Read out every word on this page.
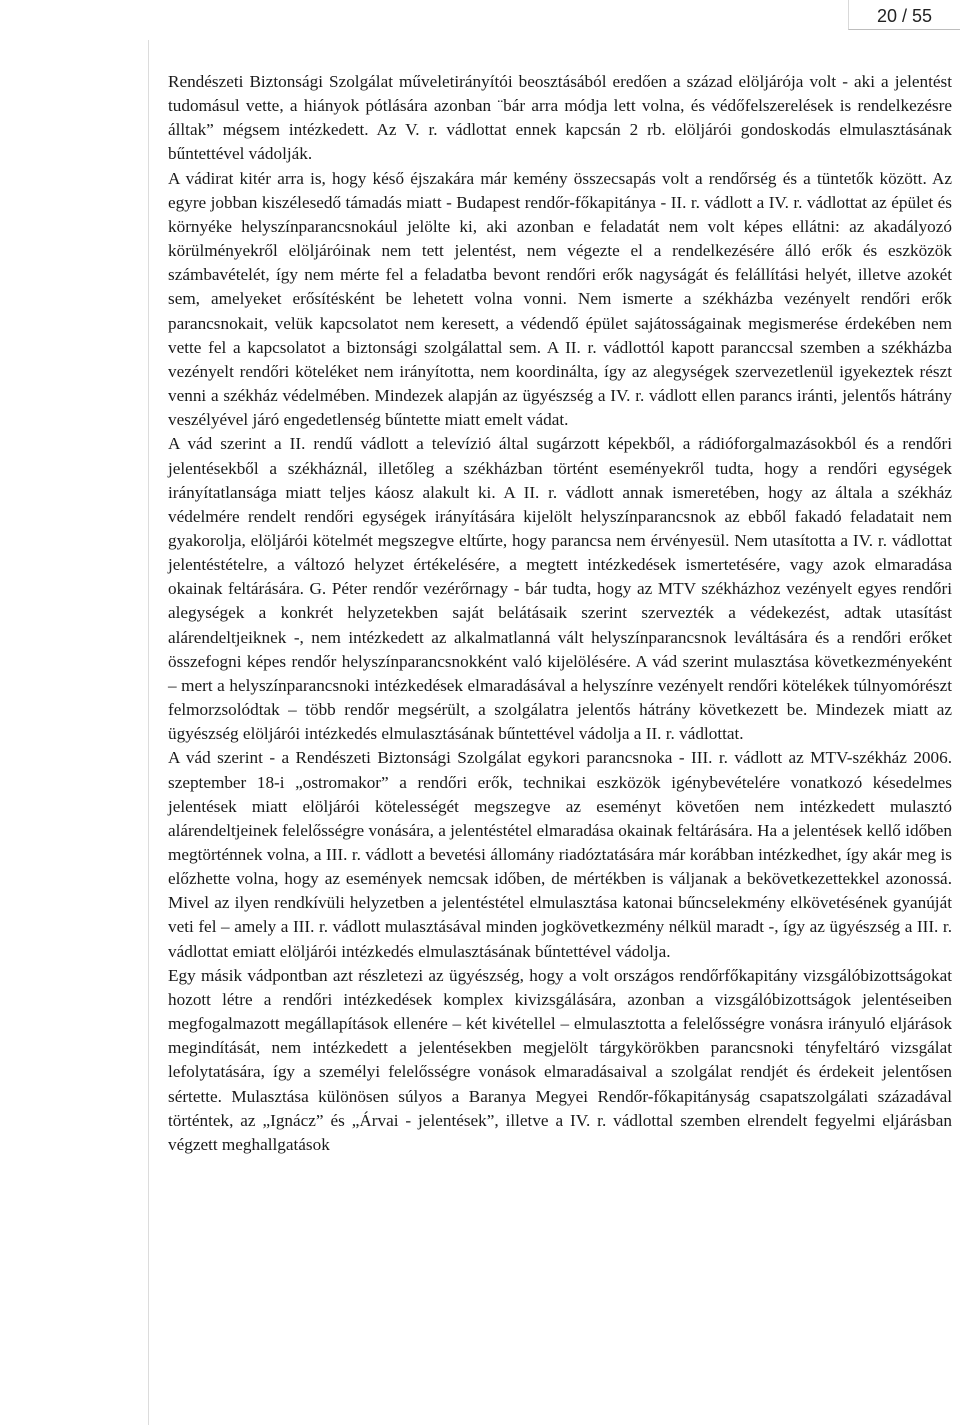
20 / 55

Rendészeti Biztonsági Szolgálat műveletirányítói beosztásából eredően a század elöljárója volt - aki a jelentést tudomásul vette, a hiányok pótlására azonban ¨bár arra módja lett volna, és védőfelszerelések is rendelkezésre álltak” mégsem intézkedett. Az V. r. vádlottat ennek kapcsán 2 rb. elöljárói gondoskodás elmulasztásának bűntettével vádolják.

A vádirat kitér arra is, hogy késő éjszakára már kemény összecsapás volt a rendőrség és a tüntetők között. Az egyre jobban kiszélesedő támadás miatt - Budapest rendőr-főkapitánya - II. r. vádlott a IV. r. vádlottat az épület és környéke helyszínparancsnokául jelölte ki, aki azonban e feladatát nem volt képes ellátni: az akadályozó körülményekről elöljáróinak nem tett jelentést, nem végezte el a rendelkezésére álló erők és eszközök számbavételét, így nem mérte fel a feladatba bevont rendőri erők nagyságát és felállítási helyét, illetve azokét sem, amelyeket erősítésként be lehetett volna vonni. Nem ismerte a székházba vezényelt rendőri erők parancsnokait, velük kapcsolatot nem keresett, a védendő épület sajátosságainak megismerése érdekében nem vette fel a kapcsolatot a biztonsági szolgálattal sem. A II. r. vádlottól kapott paranccsal szemben a székházba vezényelt rendőri köteléket nem irányította, nem koordinálta, így az alegységek szervezetlenül igyekeztek részt venni a székház védelmében. Mindezek alapján az ügyészség a IV. r. vádlott ellen parancs iránti, jelentős hátrány veszélyével járó engedetlenség bűntette miatt emelt vádat.

A vád szerint a II. rendű vádlott a televízió által sugárzott képekből, a rádióforgalmazásokból és a rendőri jelentésekből a székháznál, illetőleg a székházban történt eseményekről tudta, hogy a rendőri egységek irányítatlansága miatt teljes káosz alakult ki. A II. r. vádlott annak ismeretében, hogy az általa a székház védelmére rendelt rendőri egységek irányítására kijelölt helyszínparancsnok az ebből fakadó feladatait nem gyakorolja, elöljárói kötelmét megszegve eltűrte, hogy parancsa nem érvényesül. Nem utasította a IV. r. vádlottat jelentéstételre, a változó helyzet értékelésére, a megtett intézkedések ismertetésére, vagy azok elmaradása okainak feltárására. G. Péter rendőr vezérőrnagy - bár tudta, hogy az MTV székházhoz vezényelt egyes rendőri alegységek a konkrét helyzetekben saját belátásaik szerint szervezték a védekezést, adtak utasítást alárendeltjeiknek -, nem intézkedett az alkalmatlanná vált helyszínparancsnok leváltására és a rendőri erőket összefogni képes rendőr helyszínparancsnokként való kijelölésére. A vád szerint mulasztása következményeként – mert a helyszínparancsnoki intézkedések elmaradásával a helyszínre vezényelt rendőri kötelékek túlnyomórészt felmorzsolódtak – több rendőr megsérült, a szolgálatra jelentős hátrány következett be. Mindezek miatt az ügyészség elöljárói intézkedés elmulasztásának bűntettével vádolja a II. r. vádlottat.

A vád szerint - a Rendészeti Biztonsági Szolgálat egykori parancsnoka - III. r. vádlott az MTV-székház 2006. szeptember 18-i „ostromakor” a rendőri erők, technikai eszközök igénybevételére vonatkozó késedelmes jelentések miatt elöljárói kötelességét megszegve az eseményt követően nem intézkedett mulasztó alárendeltjeinek felelősségre vonására, a jelentéstétel elmaradása okainak feltárására. Ha a jelentések kellő időben megtörténnek volna, a III. r. vádlott a bevetési állomány riadóztatására már korábban intézkedhet, így akár meg is előzhette volna, hogy az események nemcsak időben, de mértékben is váljanak a bekövetkezettekkel azonossá. Mivel az ilyen rendkívüli helyzetben a jelentéstétel elmulasztása katonai bűncselekmény elkövetésének gyanúját veti fel – amely a III. r. vádlott mulasztásával minden jogkövetkezmény nélkül maradt -, így az ügyészség a III. r. vádlottat emiatt elöljárói intézkedés elmulasztásának bűntettével vádolja.

Egy másik vádpontban azt részletezi az ügyészség, hogy a volt országos rendőrfőkapitány vizsgálóbizottságokat hozott létre a rendőri intézkedések komplex kivizsgálására, azonban a vizsgálóbizottságok jelentéseiben megfogalmazott megállapítások ellenére – két kivétellel – elmulasztotta a felelősségre vonásra irányuló eljárások megindítását, nem intézkedett a jelentésekben megjelölt tárgykörökben parancsnoki tényfeltáró vizsgálat lefolytatására, így a személyi felelősségre vonások elmaradásaival a szolgálat rendjét és érdekeit jelentősen sértette. Mulasztása különösen súlyos a Baranya Megyei Rendőr-főkapitányság csapatszolgálati századával történtek, az „Ignácz” és „Árvai - jelentések”, illetve a IV. r. vádlottal szemben elrendelt fegyelmi eljárásban végzett meghallgatások
